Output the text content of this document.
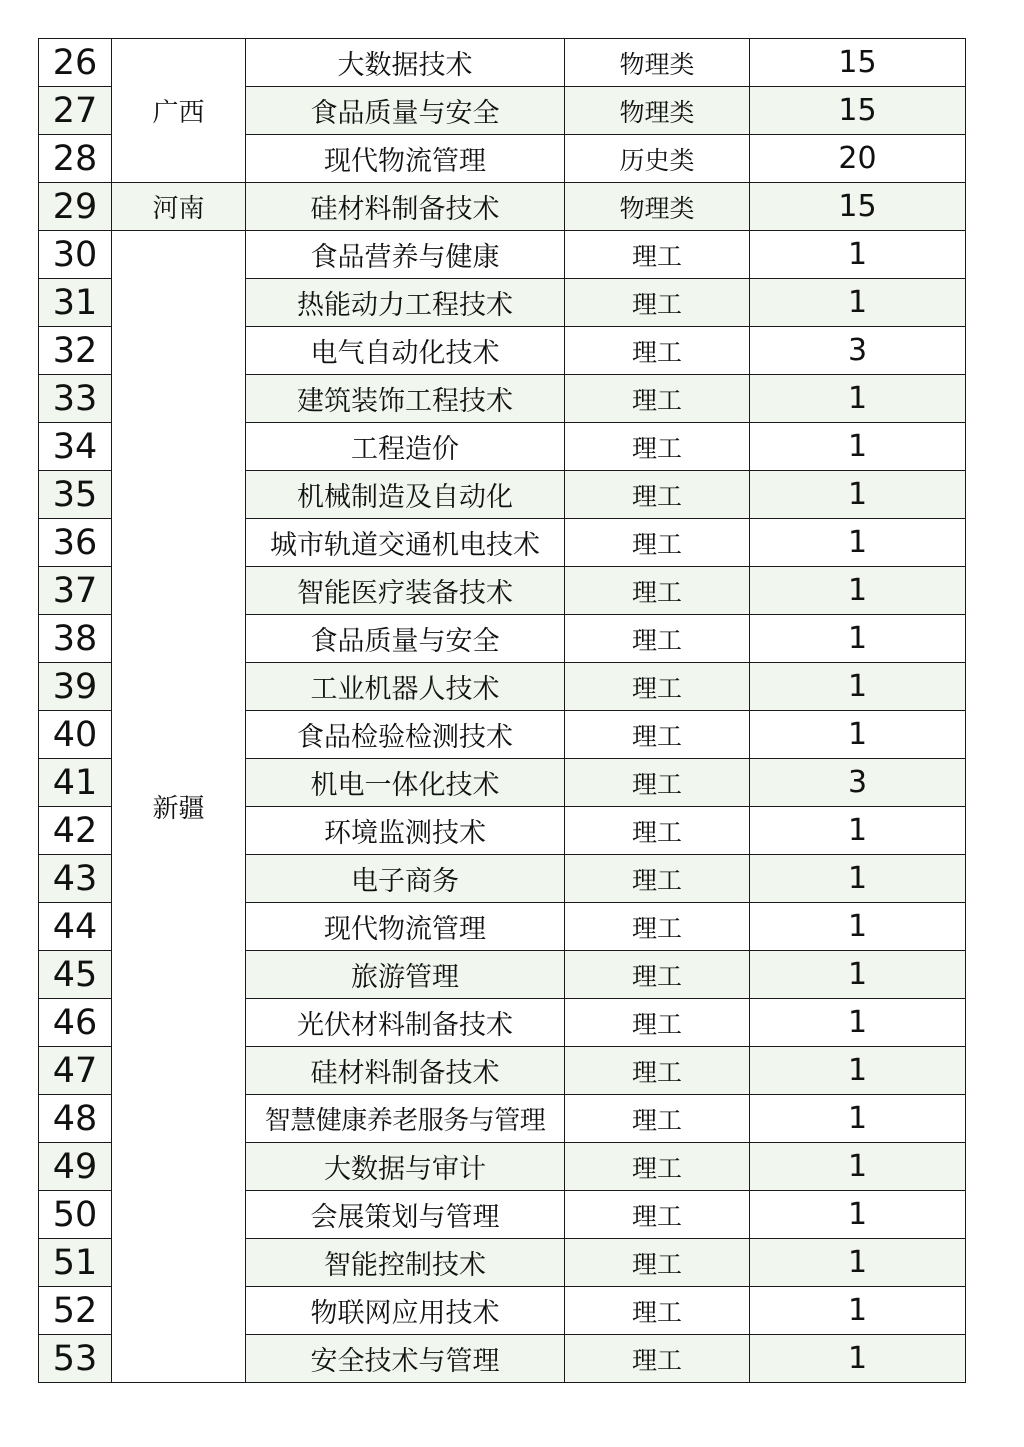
26	广西	大数据技术	物理类	15
27		食品质量与安全	物理类	15
28		现代物流管理	历史类	20
29	河南	硅材料制备技术	物理类	15
30	新疆	食品营养与健康	理工	1
31		热能动力工程技术	理工	1
32		电气自动化技术	理工	3
33		建筑装饰工程技术	理工	1
34		工程造价	理工	1
35		机械制造及自动化	理工	1
36		城市轨道交通机电技术	理工	1
37		智能医疗装备技术	理工	1
38		食品质量与安全	理工	1
39		工业机器人技术	理工	1
40		食品检验检测技术	理工	1
41		机电一体化技术	理工	3
42		环境监测技术	理工	1
43		电子商务	理工	1
44		现代物流管理	理工	1
45		旅游管理	理工	1
46		光伏材料制备技术	理工	1
47		硅材料制备技术	理工	1
48		智慧健康养老服务与管理	理工	1
49		大数据与审计	理工	1
50		会展策划与管理	理工	1
51		智能控制技术	理工	1
52		物联网应用技术	理工	1
53		安全技术与管理	理工	1
